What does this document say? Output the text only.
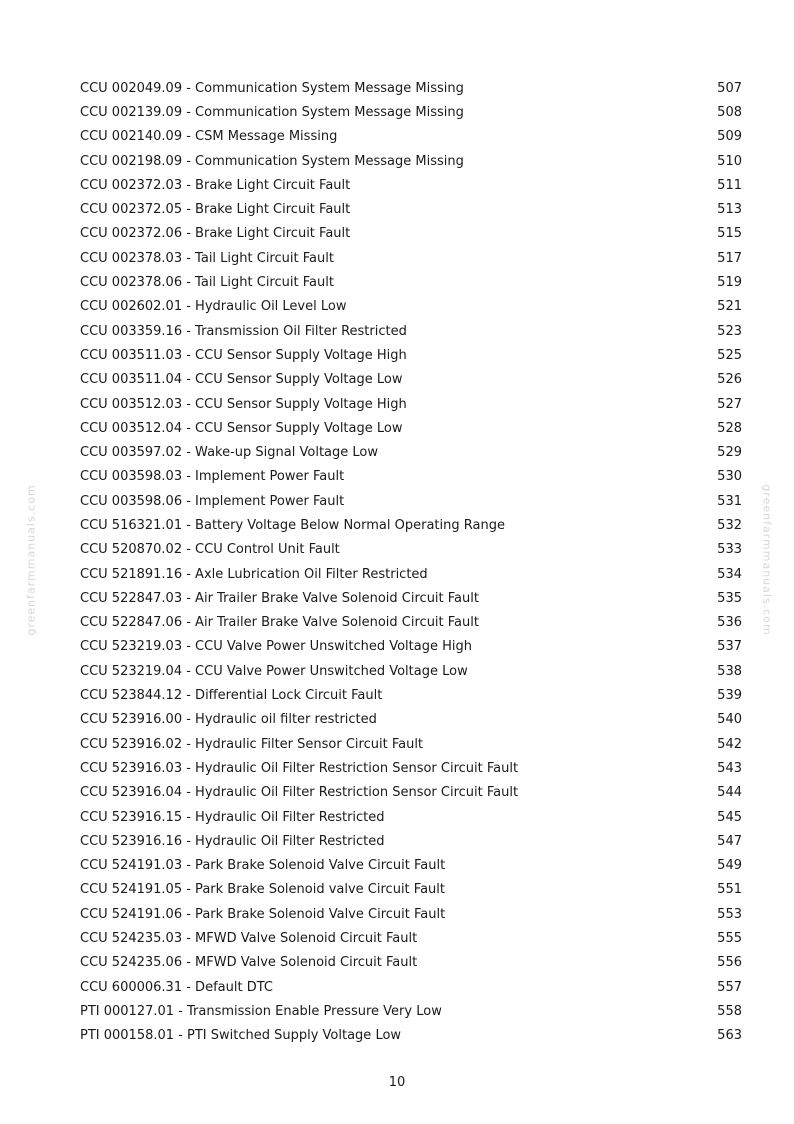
CCU 002049.09 - Communication System Message Missing	507
CCU 002139.09 - Communication System Message Missing	508
CCU 002140.09 - CSM Message Missing	509
CCU 002198.09 - Communication System Message Missing	510
CCU 002372.03 - Brake Light Circuit Fault	511
CCU 002372.05 - Brake Light Circuit Fault	513
CCU 002372.06 - Brake Light Circuit Fault	515
CCU 002378.03 - Tail Light Circuit Fault	517
CCU 002378.06 - Tail Light Circuit Fault	519
CCU 002602.01 - Hydraulic Oil Level Low	521
CCU 003359.16 - Transmission Oil Filter Restricted	523
CCU 003511.03 - CCU Sensor Supply Voltage High	525
CCU 003511.04 - CCU Sensor Supply Voltage Low	526
CCU 003512.03 - CCU Sensor Supply Voltage High	527
CCU 003512.04 - CCU Sensor Supply Voltage Low	528
CCU 003597.02 - Wake-up Signal Voltage Low	529
CCU 003598.03 - Implement Power Fault	530
CCU 003598.06 - Implement Power Fault	531
CCU 516321.01 - Battery Voltage Below Normal Operating Range	532
CCU 520870.02 - CCU Control Unit Fault	533
CCU 521891.16 - Axle Lubrication Oil Filter Restricted	534
CCU 522847.03 - Air Trailer Brake Valve Solenoid Circuit Fault	535
CCU 522847.06 - Air Trailer Brake Valve Solenoid Circuit Fault	536
CCU 523219.03 - CCU Valve Power Unswitched Voltage High	537
CCU 523219.04 - CCU Valve Power Unswitched Voltage Low	538
CCU 523844.12 - Differential Lock Circuit Fault	539
CCU 523916.00 - Hydraulic oil filter restricted	540
CCU 523916.02 - Hydraulic Filter Sensor Circuit Fault	542
CCU 523916.03 - Hydraulic Oil Filter Restriction Sensor Circuit Fault	543
CCU 523916.04 - Hydraulic Oil Filter Restriction Sensor Circuit Fault	544
CCU 523916.15 - Hydraulic Oil Filter Restricted	545
CCU 523916.16 - Hydraulic Oil Filter Restricted	547
CCU 524191.03 - Park Brake Solenoid Valve Circuit Fault	549
CCU 524191.05 - Park Brake Solenoid valve Circuit Fault	551
CCU 524191.06 - Park Brake Solenoid Valve Circuit Fault	553
CCU 524235.03 - MFWD Valve Solenoid Circuit Fault	555
CCU 524235.06 - MFWD Valve Solenoid Circuit Fault	556
CCU 600006.31 - Default DTC	557
PTI 000127.01 - Transmission Enable Pressure Very Low	558
PTI 000158.01 - PTI Switched Supply Voltage Low	563
greenfarmmanuals.com	greenfarmmanuals.com
10
